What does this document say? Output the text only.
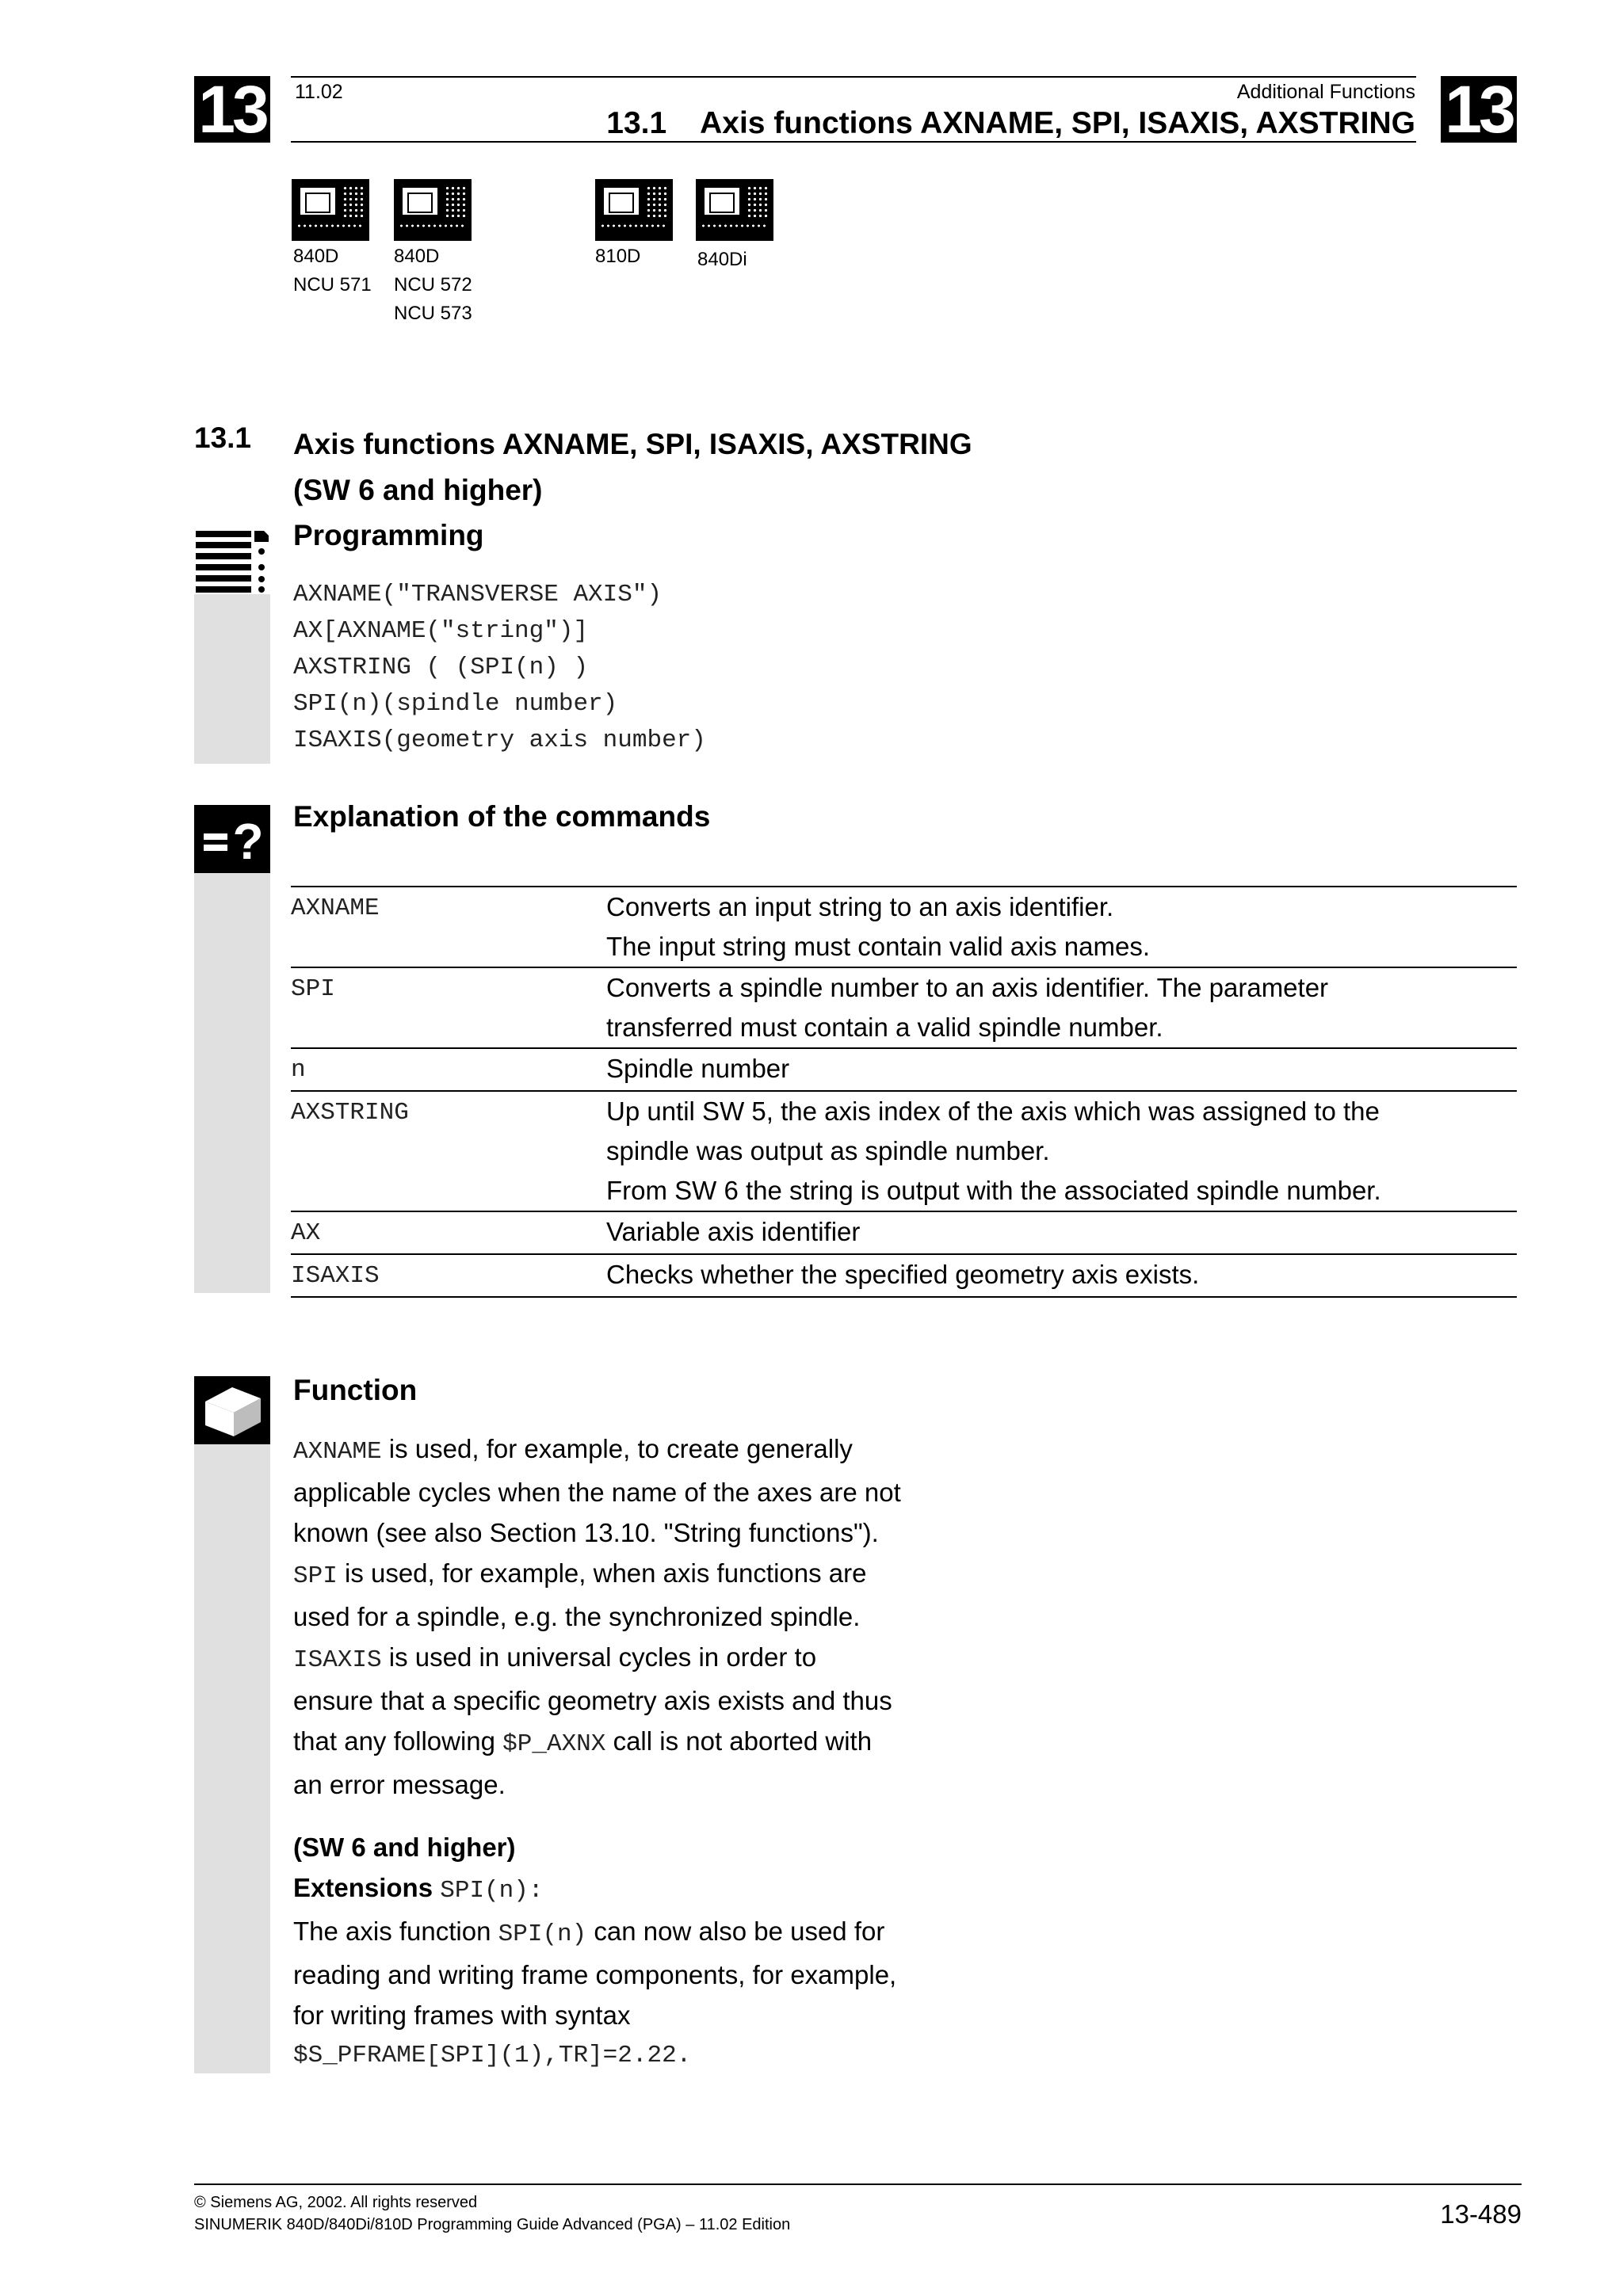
13	13
11.02	Additional Functions
13.1    Axis functions AXNAME, SPI, ISAXIS, AXSTRING
840D
NCU 571
840D
NCU 572
NCU 573
810D	840Di
13.1 Axis functions AXNAME, SPI, ISAXIS, AXSTRING
(SW 6 and higher)
Programming
AXNAME("TRANSVERSE AXIS")
AX[AXNAME("string")]
AXSTRING ( (SPI(n) )
SPI(n)(spindle number)
ISAXIS(geometry axis number)
? Explanation of the commands
AXNAME	Converts an input string to an axis identifier.
The input string must contain valid axis names.

SPI	Converts a spindle number to an axis identifier. The parameter
transferred must contain a valid spindle number.

n	Spindle number

AXSTRING	Up until SW 5, the axis index of the axis which was assigned to the
spindle was output as spindle number.
From SW 6 the string is output with the associated spindle number.

AX	Variable axis identifier

ISAXIS	Checks whether the specified geometry axis exists.
Function
AXNAME is used, for example, to create generally
applicable cycles when the name of the axes are not
known (see also Section 13.10. "String functions").
SPI is used, for example, when axis functions are
used for a spindle, e.g. the synchronized spindle.
ISAXIS is used in universal cycles in order to
ensure that a specific geometry axis exists and thus
that any following $P_AXNX call is not aborted with
an error message.
(SW 6 and higher)
Extensions SPI(n):
The axis function SPI(n) can now also be used for
reading and writing frame components, for example,
for writing frames with syntax
$S_PFRAME[SPI](1),TR]=2.22.
© Siemens AG, 2002. All rights reserved
SINUMERIK 840D/840Di/810D Programming Guide Advanced (PGA) – 11.02 Edition	13-489
